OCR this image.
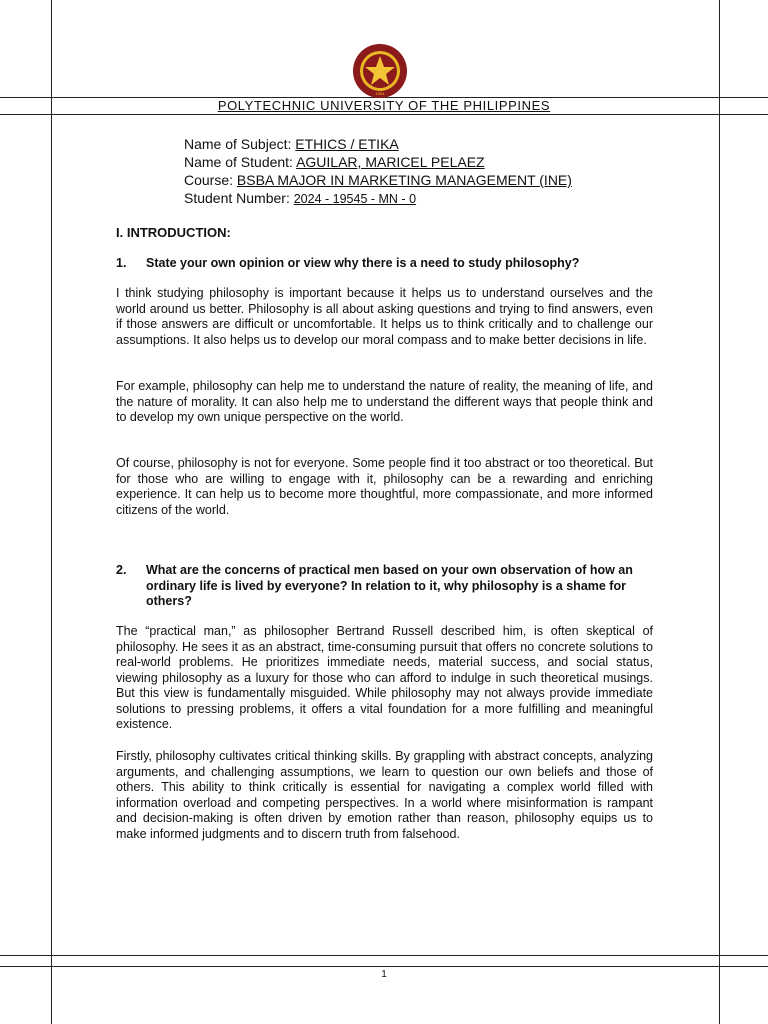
1904
POLYTECHNIC UNIVERSITY OF THE PHILIPPINES
Name of Subject: ETHICS / ETIKA
Name of Student: AGUILAR, MARICEL PELAEZ
Course: BSBA MAJOR IN MARKETING MANAGEMENT (INE)
Student Number: 2024 - 19545 - MN - 0
I. INTRODUCTION:
1.	State your own opinion or view why there is a need to study philosophy?

I think studying philosophy is important because it helps us to understand ourselves and the world around us better. Philosophy is all about asking questions and trying to find answers, even if those answers are difficult or uncomfortable. It helps us to think critically and to challenge our assumptions. It also helps us to develop our moral compass and to make better decisions in life.

For example, philosophy can help me to understand the nature of reality, the meaning of life, and the nature of morality. It can also help me to understand the different ways that people think and to develop my own unique perspective on the world.

Of course, philosophy is not for everyone. Some people find it too abstract or too theoretical. But for those who are willing to engage with it, philosophy can be a rewarding and enriching experience. It can help us to become more thoughtful, more compassionate, and more informed citizens of the world.

2.	What are the concerns of practical men based on your own observation of how an ordinary life is lived by everyone? In relation to it, why philosophy is a shame for others?

The “practical man,” as philosopher Bertrand Russell described him, is often skeptical of philosophy. He sees it as an abstract, time-consuming pursuit that offers no concrete solutions to real-world problems. He prioritizes immediate needs, material success, and social status, viewing philosophy as a luxury for those who can afford to indulge in such theoretical musings. But this view is fundamentally misguided. While philosophy may not always provide immediate solutions to pressing problems, it offers a vital foundation for a more fulfilling and meaningful existence.

Firstly, philosophy cultivates critical thinking skills. By grappling with abstract concepts, analyzing arguments, and challenging assumptions, we learn to question our own beliefs and those of others. This ability to think critically is essential for navigating a complex world filled with information overload and competing perspectives. In a world where misinformation is rampant and decision-making is often driven by emotion rather than reason, philosophy equips us to make informed judgments and to discern truth from falsehood.

1
